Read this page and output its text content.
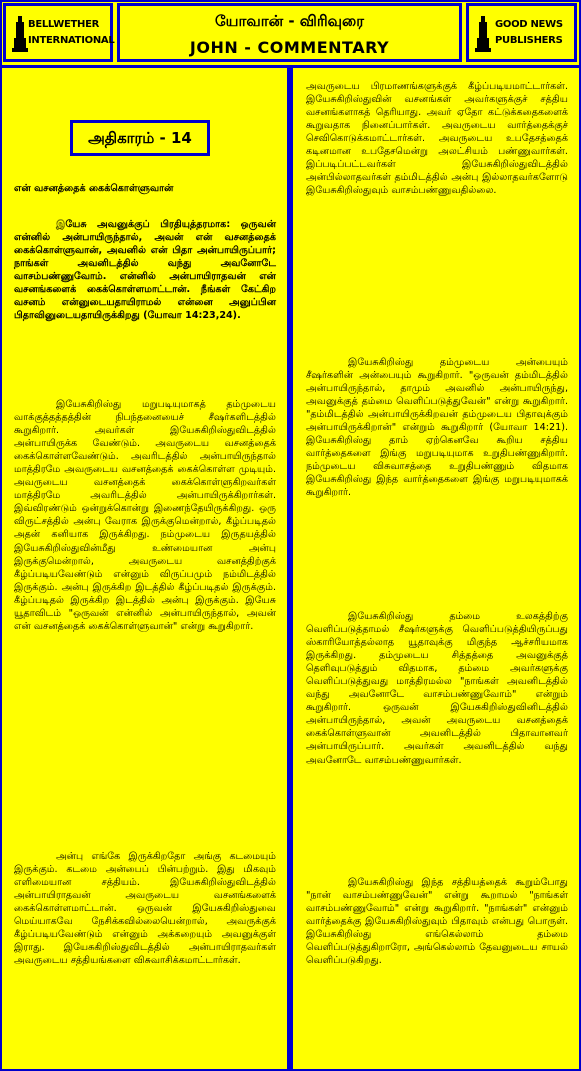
BELLWETHER
INTERNATIONAL
யோவான் - விரிவுரை
JOHN - COMMENTARY
GOOD NEWS
PUBLISHERS
அதிகாரம் - 14
என் வசனத்தைக் கைக்கொள்ளுவான்
இயேசு அவனுக்குப் பிரதியுத்தரமாக: ஒருவன் என்னில் அன்பாயிருந்தால், அவன் என் வசனத்தைக் கைக்கொள்ளுவான், அவனில் என் பிதா அன்பாயிருப்பார்; நாங்கள் அவனிடத்தில் வந்து அவனோடே வாசம்பண்ணுவோம். என்னில் அன்பாயிராதவன் என் வசனங்களைக் கைக்கொள்ளமாட்டான். நீங்கள் கேட்கிற வசனம் என்னுடையதாயிராமல் என்னை அனுப்பின பிதாவினுடையதாயிருக்கிறது (யோவா 14:23,24).
இயேசுகிறிஸ்து மறுபடியுமாகத் தம்முடைய வாக்குத்தத்தத்தின் நிபந்தனையைச் சீஷர்களிடத்தில் கூறுகிறார். அவர்கள் இயேசுகிறிஸ்துவிடத்தில் அன்பாயிருக்க வேண்டும். அவருடைய வசனத்தைக் கைக்கொள்ளவேண்டும். அவரிடத்தில் அன்பாயிருந்தால் மாத்திரமே அவருடைய வசனத்தைக் கைக்கொள்ள முடியும். அவருடைய வசனத்தைக் கைக்கொள்ளுகிறவர்கள் மாத்திரமே அவரிடத்தில் அன்பாயிருக்கிறார்கள். இவ்விரண்டும் ஒன்றுக்கொன்று இணைந்தேயிருக்கிறது. ஒரு விருட்சத்தில் அன்பு வேராக இருக்குமென்றால், கீழ்ப்படிதல் அதன் கனியாக இருக்கிறது. நம்முடைய இருதயத்தில் இயேசுகிறிஸ்துவின்மீது உண்மையான அன்பு இருக்குமென்றால், அவருடைய வசனத்திற்குக் கீழ்ப்படியவேண்டும் என்னும் விருப்பமும் நம்மிடத்தில் இருக்கும். அன்பு இருக்கிற இடத்தில் கீழ்ப்படிதல் இருக்கும். கீழ்ப்படிதல் இருக்கிற இடத்தில் அன்பு இருக்கும். இயேசு யூதாவிடம் "ஒருவன் என்னில் அன்பாயிருந்தால், அவன் என் வசனத்தைக் கைக்கொள்ளுவான்" என்று கூறுகிறார்.
அன்பு எங்கே இருக்கிறதோ அங்கு கடமையும் இருக்கும். கடமை அன்பைப் பின்பற்றும். இது மிகவும் எளிமையான சத்தியம். இயேசுகிறிஸ்துவிடத்தில் அன்பாயிராதவன் அவருடைய வசனங்களைக் கைக்கொள்ளமாட்டான். ஒருவன் இயேசுகிறிஸ்துவை மெய்யாகவே நேசிக்கவில்லையென்றால், அவருக்குக் கீழ்ப்படியவேண்டும் என்னும் அக்கறையும் அவனுக்குள் இராது. இயேசுகிறிஸ்துவிடத்தில் அன்பாயிராதவர்கள் அவருடைய சத்தியங்களை விசுவாசிக்கமாட்டார்கள்.
அவருடைய பிரமாணங்களுக்குக் கீழ்ப்படியமாட்டார்கள். இயேசுகிறிஸ்துவின் வசனங்கள் அவர்களுக்குச் சத்திய வசனங்களாகத் தெரியாது. அவர் ஏதோ கட்டுக்கதைகளைக் கூறுவதாக நினைப்பார்கள். அவருடைய வார்த்தைக்குச் செவிகொடுக்கமாட்டார்கள். அவருடைய உபதேசத்தைக் கடினமான உபதேசமென்று அலட்சியம் பண்ணுவார்கள். இப்படிப்பட்டவர்கள் இயேசுகிறிஸ்துவிடத்தில் அன்பில்லாதவர்கள் தம்மிடத்தில் அன்பு இல்லாதவர்களோடு இயேசுகிறிஸ்துவும் வாசம்பண்ணுவதில்லை.
இயேசுகிறிஸ்து தம்முடைய அன்பையும் சீஷர்களின் அன்பையும் கூறுகிறார். "ஒருவன் தம்மிடத்தில் அன்பாயிருந்தால், தாமும் அவனில் அன்பாயிருந்து, அவனுக்குத் தம்மை வெளிப்படுத்துவேன்" என்று கூறுகிறார். "தம்மிடத்தில் அன்பாயிருக்கிறவன் தம்முடைய பிதாவுக்கும் அன்பாயிருக்கிறான்" என்றும் கூறுகிறார் (யோவா 14:21). இயேசுகிறிஸ்து தாம் ஏற்கெனவே கூறிய சத்திய வார்த்தைகளை இங்கு மறுபடியுமாக உறுதிபண்ணுகிறார். நம்முடைய விசுவாசத்தை உறுதிபண்ணும் விதமாக இயேசுகிறிஸ்து இந்த வார்த்தைகளை இங்கு மறுபடியுமாகக் கூறுகிறார்.
இயேசுகிறிஸ்து தம்மை உலகத்திற்கு வெளிப்படுத்தாமல் சீஷர்களுக்கு வெளிப்படுத்தியிருப்பது ஸ்காரியோத்தல்லாத யூதாவுக்கு மிகுந்த ஆச்சரியமாக இருக்கிறது. தம்முடைய சித்தத்தை அவனுக்குத் தெளிவுபடுத்தும் விதமாக, தம்மை அவர்களுக்கு வெளிப்படுத்துவது மாத்திரமல்ல "நாங்கள் அவனிடத்தில் வந்து அவனோடே வாசம்பண்ணுவோம்" என்றும் கூறுகிறார். ஒருவன் இயேசுகிறிஸ்துவினிடத்தில் அன்பாயிருந்தால், அவன் அவருடைய வசனத்தைக் கைக்கொள்ளுவான் அவனிடத்தில் பிதாவானவர் அன்பாயிருப்பார். அவர்கள் அவனிடத்தில் வந்து அவனோடே வாசம்பண்ணுவார்கள்.
இயேசுகிறிஸ்து இந்த சத்தியத்தைக் கூறும்போது "நான் வாசம்பண்ணுவேன்" என்று கூறாமல் "நாங்கள் வாசம்பண்ணுவோம்" என்று கூறுகிறார். "நாங்கள்" என்னும் வார்த்தைக்கு இயேசுகிறிஸ்துவும் பிதாவும் என்பது பொருள். இயேசுகிறிஸ்து எங்கெல்லாம் தம்மை வெளிப்படுத்துகிறாரோ, அங்கெல்லாம் தேவனுடைய சாயல் வெளிப்படுகிறது.
